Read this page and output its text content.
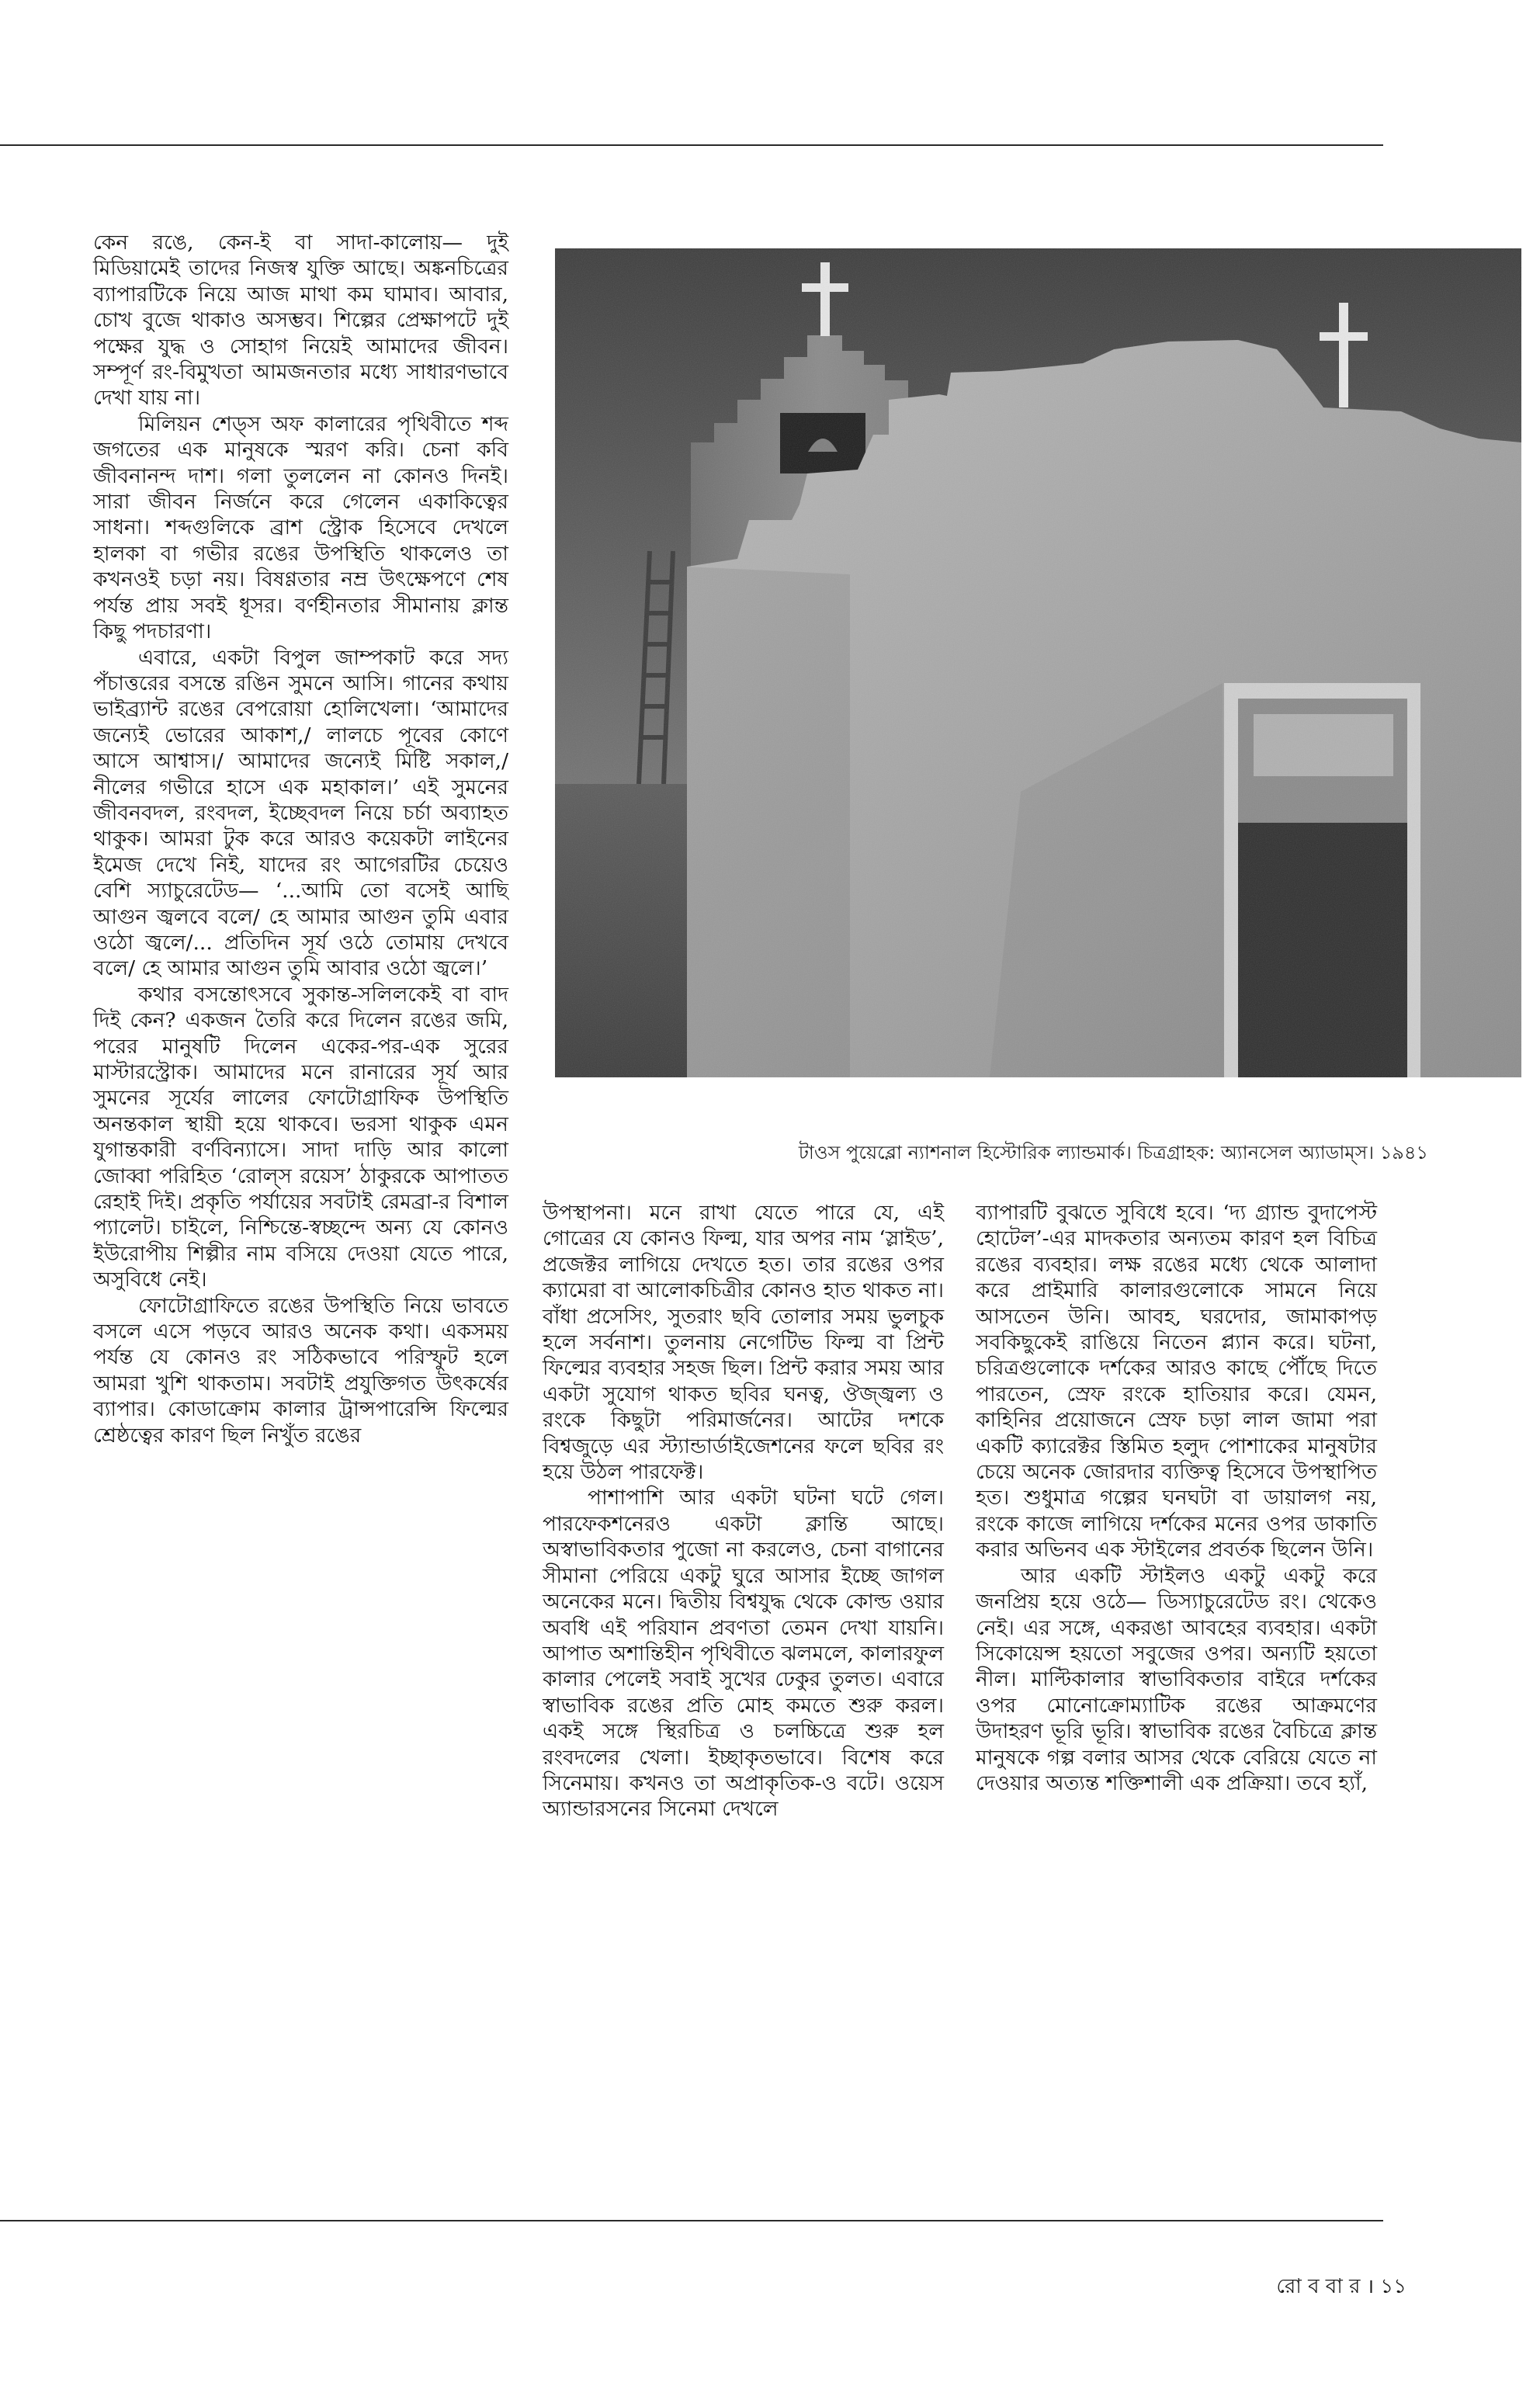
কেন রঙে, কেন-ই বা সাদা-কালোয়— দুই মিডিয়ামেই তাদের নিজস্ব যুক্তি আছে। অঙ্কনচিত্রের ব্যাপারটিকে নিয়ে আজ মাথা কম ঘামাব। আবার, চোখ বুজে থাকাও অসম্ভব। শিল্পের প্রেক্ষাপটে দুই পক্ষের যুদ্ধ ও সোহাগ নিয়েই আমাদের জীবন। সম্পূর্ণ রং-বিমুখতা আমজনতার মধ্যে সাধারণভাবে দেখা যায় না।

মিলিয়ন শেড্স অফ কালারের পৃথিবীতে শব্দ জগতের এক মানুষকে স্মরণ করি। চেনা কবি জীবনানন্দ দাশ। গলা তুললেন না কোনও দিনই। সারা জীবন নির্জনে করে গেলেন একাকিত্বের সাধনা। শব্দগুলিকে ব্রাশ স্ট্রোক হিসেবে দেখলে হালকা বা গভীর রঙের উপস্থিতি থাকলেও তা কখনওই চড়া নয়। বিষণ্ণতার নম্র উৎক্ষেপণে শেষ পর্যন্ত প্রায় সবই ধূসর। বর্ণহীনতার সীমানায় ক্লান্ত কিছু পদচারণা।

এবারে, একটা বিপুল জাম্পকাট করে সদ্য পঁচাত্তরের বসন্তে রঙিন সুমনে আসি। গানের কথায় ভাইব্র্যান্ট রঙের বেপরোয়া হোলিখেলা। ‘আমাদের জন্যেই ভোরের আকাশ,/ লালচে পূবের কোণে আসে আশ্বাস।/ আমাদের জন্যেই মিষ্টি সকাল,/ নীলের গভীরে হাসে এক মহাকাল।’ এই সুমনের জীবনবদল, রংবদল, ইচ্ছেবদল নিয়ে চর্চা অব্যাহত থাকুক। আমরা টুক করে আরও কয়েকটা লাইনের ইমেজ দেখে নিই, যাদের রং আগেরটির চেয়েও বেশি স্যাচুরেটেড— ‘...আমি তো বসেই আছি আগুন জ্বলবে বলে/ হে আমার আগুন তুমি এবার ওঠো জ্বলে/... প্রতিদিন সূর্য ওঠে তোমায় দেখবে বলে/ হে আমার আগুন তুমি আবার ওঠো জ্বলে।’

কথার বসন্তোৎসবে সুকান্ত-সলিলকেই বা বাদ দিই কেন? একজন তৈরি করে দিলেন রঙের জমি, পরের মানুষটি দিলেন একের-পর-এক সুরের মাস্টারস্ট্রোক। আমাদের মনে রানারের সূর্য আর সুমনের সূর্যের লালের ফোটোগ্রাফিক উপস্থিতি অনন্তকাল স্থায়ী হয়ে থাকবে। ভরসা থাকুক এমন যুগান্তকারী বর্ণবিন্যাসে। সাদা দাড়ি আর কালো জোব্বা পরিহিত ‘রোল্‌স রয়েস’ ঠাকুরকে আপাতত রেহাই দিই। প্রকৃতি পর্যায়ের সবটাই রেমব্রা-র বিশাল প্যালেট। চাইলে, নিশ্চিন্তে-স্বচ্ছন্দে অন্য যে কোনও ইউরোপীয় শিল্পীর নাম বসিয়ে দেওয়া যেতে পারে, অসুবিধে নেই।

ফোটোগ্রাফিতে রঙের উপস্থিতি নিয়ে ভাবতে বসলে এসে পড়বে আরও অনেক কথা। একসময় পর্যন্ত যে কোনও রং সঠিকভাবে পরিস্ফুট হলে আমরা খুশি থাকতাম। সবটাই প্রযুক্তিগত উৎকর্ষের ব্যাপার। কোডাক্রোম কালার ট্রান্সপারেন্সি ফিল্মের শ্রেষ্ঠত্বের কারণ ছিল নিখুঁত রঙের

টাওস পুয়েব্লো ন্যাশনাল হিস্টোরিক ল্যান্ডমার্ক। চিত্রগ্রাহক: অ্যানসেল অ্যাডাম্‌স। ১৯৪১

উপস্থাপনা। মনে রাখা যেতে পারে যে, এই গোত্রের যে কোনও ফিল্ম, যার অপর নাম ‘স্লাইড’, প্রজেক্টর লাগিয়ে দেখতে হত। তার রঙের ওপর ক্যামেরা বা আলোকচিত্রীর কোনও হাত থাকত না। বাঁধা প্রসেসিং, সুতরাং ছবি তোলার সময় ভুলচুক হলে সর্বনাশ। তুলনায় নেগেটিভ ফিল্ম বা প্রিন্ট ফিল্মের ব্যবহার সহজ ছিল। প্রিন্ট করার সময় আর একটা সুযোগ থাকত ছবির ঘনত্ব, ঔজ্জ্বল্য ও রংকে কিছুটা পরিমার্জনের। আটের দশকে বিশ্বজুড়ে এর স্ট্যান্ডার্ডাইজেশনের ফলে ছবির রং হয়ে উঠল পারফেক্ট।

পাশাপাশি আর একটা ঘটনা ঘটে গেল। পারফেকশনেরও একটা ক্লান্তি আছে। অস্বাভাবিকতার পুজো না করলেও, চেনা বাগানের সীমানা পেরিয়ে একটু ঘুরে আসার ইচ্ছে জাগল অনেকের মনে। দ্বিতীয় বিশ্বযুদ্ধ থেকে কোল্ড ওয়ার অবধি এই পরিযান প্রবণতা তেমন দেখা যায়নি। আপাত অশান্তিহীন পৃথিবীতে ঝলমলে, কালারফুল কালার পেলেই সবাই সুখের ঢেকুর তুলত। এবারে স্বাভাবিক রঙের প্রতি মোহ কমতে শুরু করল। একই সঙ্গে স্থিরচিত্র ও চলচ্চিত্রে শুরু হল রংবদলের খেলা। ইচ্ছাকৃতভাবে। বিশেষ করে সিনেমায়। কখনও তা অপ্রাকৃতিক-ও বটে। ওয়েস অ্যান্ডারসনের সিনেমা দেখলে

ব্যাপারটি বুঝতে সুবিধে হবে। ‘দ্য গ্র্যান্ড বুদাপেস্ট হোটেল’-এর মাদকতার অন্যতম কারণ হল বিচিত্র রঙের ব্যবহার। লক্ষ রঙের মধ্যে থেকে আলাদা করে প্রাইমারি কালারগুলোকে সামনে নিয়ে আসতেন উনি। আবহ, ঘরদোর, জামাকাপড় সবকিছুকেই রাঙিয়ে নিতেন প্ল্যান করে। ঘটনা, চরিত্রগুলোকে দর্শকের আরও কাছে পৌঁছে দিতে পারতেন, স্রেফ রংকে হাতিয়ার করে। যেমন, কাহিনির প্রয়োজনে স্রেফ চড়া লাল জামা পরা একটি ক্যারেক্টর স্তিমিত হলুদ পোশাকের মানুষটার চেয়ে অনেক জোরদার ব্যক্তিত্ব হিসেবে উপস্থাপিত হত। শুধুমাত্র গল্পের ঘনঘটা বা ডায়ালগ নয়, রংকে কাজে লাগিয়ে দর্শকের মনের ওপর ডাকাতি করার অভিনব এক স্টাইলের প্রবর্তক ছিলেন উনি।

আর একটি স্টাইলও একটু একটু করে জনপ্রিয় হয়ে ওঠে— ডিস্যাচুরেটেড রং। থেকেও নেই। এর সঙ্গে, একরঙা আবহের ব্যবহার। একটা সিকোয়েন্স হয়তো সবুজের ওপর। অন্যটি হয়তো নীল। মাল্টিকালার স্বাভাবিকতার বাইরে দর্শকের ওপর মোনোক্রোম্যাটিক রঙের আক্রমণের উদাহরণ ভূরি ভূরি। স্বাভাবিক রঙের বৈচিত্রে ক্লান্ত মানুষকে গল্প বলার আসর থেকে বেরিয়ে যেতে না দেওয়ার অত্যন্ত শক্তিশালী এক প্রক্রিয়া। তবে হ্যাঁ,

রো ব বা র । ১১
